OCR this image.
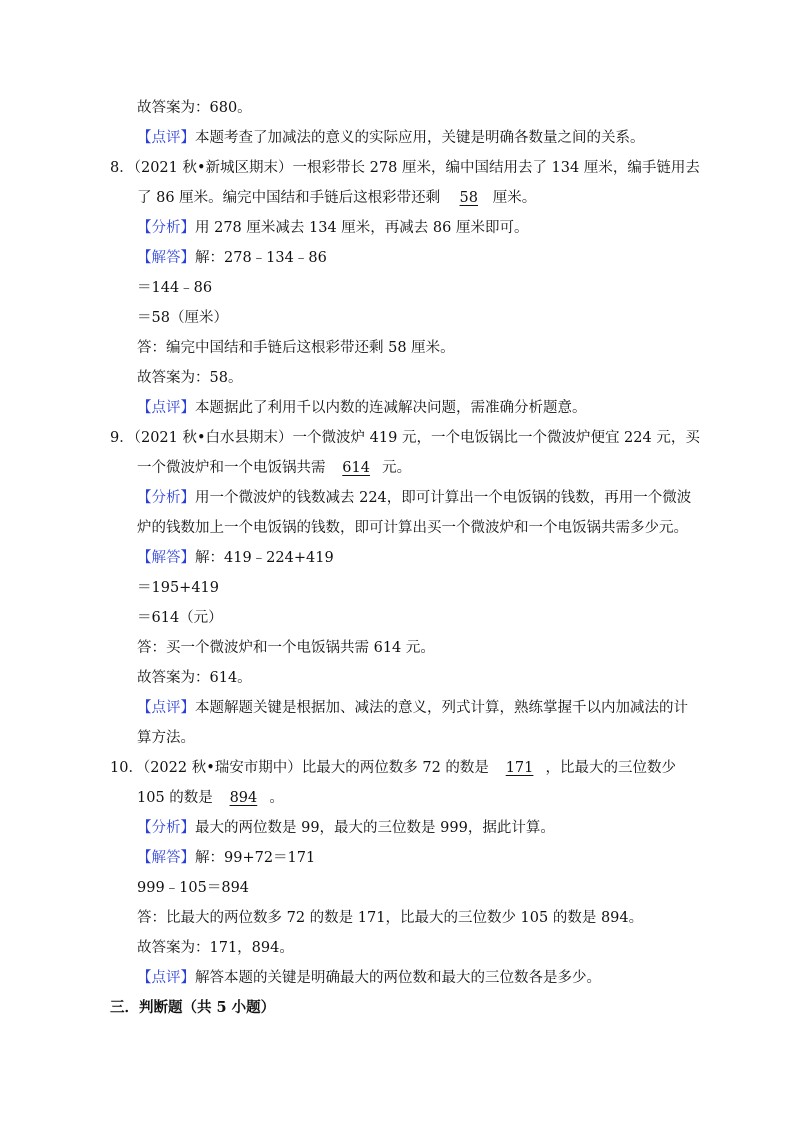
故答案为：680。
【点评】本题考查了加减法的意义的实际应用，关键是明确各数量之间的关系。
8．（2021 秋•新城区期末）一根彩带长 278 厘米，编中国结用去了 134 厘米，编手链用去
了 86 厘米。编完中国结和手链后这根彩带还剩 58 厘米。
【分析】用 278 厘米减去 134 厘米，再减去 86 厘米即可。
【解答】解：278﹣134﹣86
＝144﹣86
＝58（厘米）
答：编完中国结和手链后这根彩带还剩 58 厘米。
故答案为：58。
【点评】本题据此了利用千以内数的连减解决问题，需准确分析题意。
9．（2021 秋•白水县期末）一个微波炉 419 元，一个电饭锅比一个微波炉便宜 224 元，买
一个微波炉和一个电饭锅共需 614 元。
【分析】用一个微波炉的钱数减去 224，即可计算出一个电饭锅的钱数，再用一个微波
炉的钱数加上一个电饭锅的钱数，即可计算出买一个微波炉和一个电饭锅共需多少元。
【解答】解：419﹣224+419
＝195+419
＝614（元）
答：买一个微波炉和一个电饭锅共需 614 元。
故答案为：614。
【点评】本题解题关键是根据加、减法的意义，列式计算，熟练掌握千以内加减法的计
算方法。
10．（2022 秋•瑞安市期中）比最大的两位数多 72 的数是 171 ，比最大的三位数少
105 的数是 894 。
【分析】最大的两位数是 99，最大的三位数是 999，据此计算。
【解答】解：99+72＝171
999﹣105＝894
答：比最大的两位数多 72 的数是 171，比最大的三位数少 105 的数是 894。
故答案为：171，894。
【点评】解答本题的关键是明确最大的两位数和最大的三位数各是多少。
三．判断题（共 5 小题）
